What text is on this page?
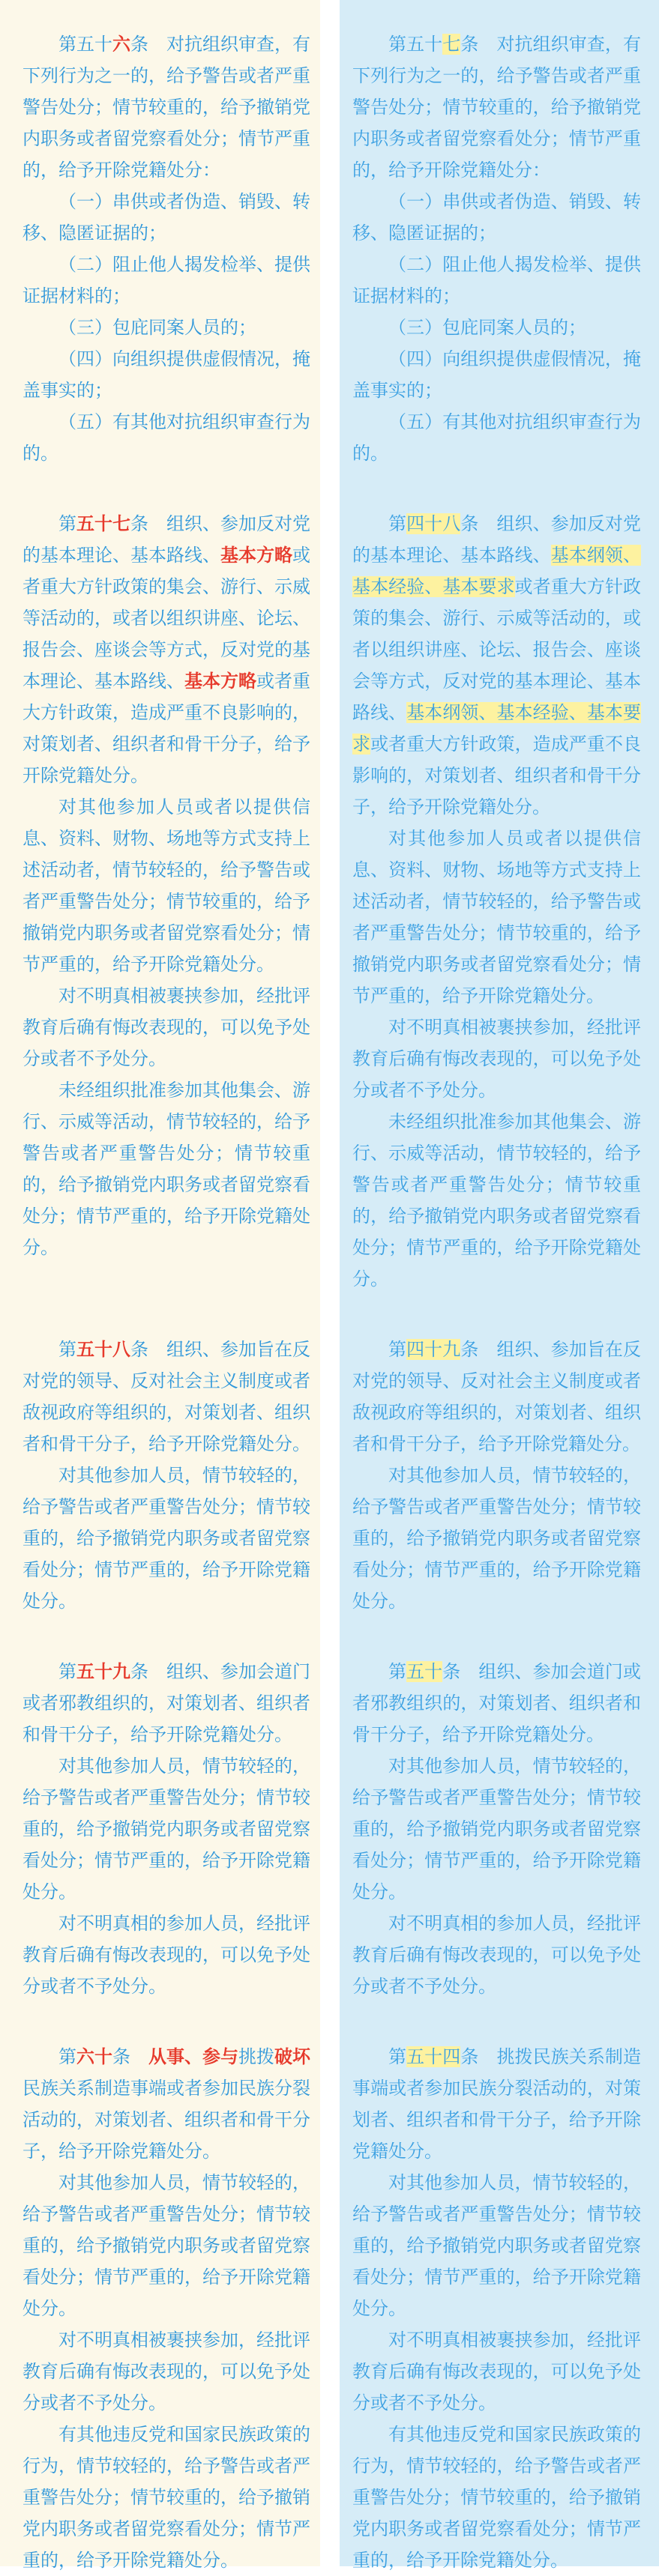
第五十六条　对抗组织审查，有下列行为之一的，给予警告或者严重警告处分；情节较重的，给予撤销党内职务或者留党察看处分；情节严重的，给予开除党籍处分：

（一）串供或者伪造、销毁、转移、隐匿证据的；

（二）阻止他人揭发检举、提供证据材料的；

（三）包庇同案人员的；

（四）向组织提供虚假情况，掩盖事实的；

（五）有其他对抗组织审查行为的。

第五十七条　组织、参加反对党的基本理论、基本路线、基本方略或者重大方针政策的集会、游行、示威等活动的，或者以组织讲座、论坛、报告会、座谈会等方式，反对党的基本理论、基本路线、基本方略或者重大方针政策，造成严重不良影响的，对策划者、组织者和骨干分子，给予开除党籍处分。

对其他参加人员或者以提供信息、资料、财物、场地等方式支持上述活动者，情节较轻的，给予警告或者严重警告处分；情节较重的，给予撤销党内职务或者留党察看处分；情节严重的，给予开除党籍处分。

对不明真相被裹挟参加，经批评教育后确有悔改表现的，可以免予处分或者不予处分。

未经组织批准参加其他集会、游行、示威等活动，情节较轻的，给予警告或者严重警告处分；情节较重的，给予撤销党内职务或者留党察看处分；情节严重的，给予开除党籍处分。

第五十八条　组织、参加旨在反对党的领导、反对社会主义制度或者敌视政府等组织的，对策划者、组织者和骨干分子，给予开除党籍处分。

对其他参加人员，情节较轻的，给予警告或者严重警告处分；情节较重的，给予撤销党内职务或者留党察看处分；情节严重的，给予开除党籍处分。

第五十九条　组织、参加会道门或者邪教组织的，对策划者、组织者和骨干分子，给予开除党籍处分。

对其他参加人员，情节较轻的，给予警告或者严重警告处分；情节较重的，给予撤销党内职务或者留党察看处分；情节严重的，给予开除党籍处分。

对不明真相的参加人员，经批评教育后确有悔改表现的，可以免予处分或者不予处分。

第六十条　从事、参与挑拨破坏民族关系制造事端或者参加民族分裂活动的，对策划者、组织者和骨干分子，给予开除党籍处分。

对其他参加人员，情节较轻的，给予警告或者严重警告处分；情节较重的，给予撤销党内职务或者留党察看处分；情节严重的，给予开除党籍处分。

对不明真相被裹挟参加，经批评教育后确有悔改表现的，可以免予处分或者不予处分。

有其他违反党和国家民族政策的行为，情节较轻的，给予警告或者严重警告处分；情节较重的，给予撤销党内职务或者留党察看处分；情节严重的，给予开除党籍处分。

第五十七条　对抗组织审查，有下列行为之一的，给予警告或者严重警告处分；情节较重的，给予撤销党内职务或者留党察看处分；情节严重的，给予开除党籍处分：

（一）串供或者伪造、销毁、转移、隐匿证据的；

（二）阻止他人揭发检举、提供证据材料的；

（三）包庇同案人员的；

（四）向组织提供虚假情况，掩盖事实的；

（五）有其他对抗组织审查行为的。

第四十八条　组织、参加反对党的基本理论、基本路线、基本纲领、基本经验、基本要求或者重大方针政策的集会、游行、示威等活动的，或者以组织讲座、论坛、报告会、座谈会等方式，反对党的基本理论、基本路线、基本纲领、基本经验、基本要求或者重大方针政策，造成严重不良影响的，对策划者、组织者和骨干分子，给予开除党籍处分。

对其他参加人员或者以提供信息、资料、财物、场地等方式支持上述活动者，情节较轻的，给予警告或者严重警告处分；情节较重的，给予撤销党内职务或者留党察看处分；情节严重的，给予开除党籍处分。

对不明真相被裹挟参加，经批评教育后确有悔改表现的，可以免予处分或者不予处分。

未经组织批准参加其他集会、游行、示威等活动，情节较轻的，给予警告或者严重警告处分；情节较重的，给予撤销党内职务或者留党察看处分；情节严重的，给予开除党籍处分。

第四十九条　组织、参加旨在反对党的领导、反对社会主义制度或者敌视政府等组织的，对策划者、组织者和骨干分子，给予开除党籍处分。

对其他参加人员，情节较轻的，给予警告或者严重警告处分；情节较重的，给予撤销党内职务或者留党察看处分；情节严重的，给予开除党籍处分。

第五十条　组织、参加会道门或者邪教组织的，对策划者、组织者和骨干分子，给予开除党籍处分。

对其他参加人员，情节较轻的，给予警告或者严重警告处分；情节较重的，给予撤销党内职务或者留党察看处分；情节严重的，给予开除党籍处分。

对不明真相的参加人员，经批评教育后确有悔改表现的，可以免予处分或者不予处分。

第五十四条　挑拨民族关系制造事端或者参加民族分裂活动的，对策划者、组织者和骨干分子，给予开除党籍处分。

对其他参加人员，情节较轻的，给予警告或者严重警告处分；情节较重的，给予撤销党内职务或者留党察看处分；情节严重的，给予开除党籍处分。

对不明真相被裹挟参加，经批评教育后确有悔改表现的，可以免予处分或者不予处分。

有其他违反党和国家民族政策的行为，情节较轻的，给予警告或者严重警告处分；情节较重的，给予撤销党内职务或者留党察看处分；情节严重的，给予开除党籍处分。
